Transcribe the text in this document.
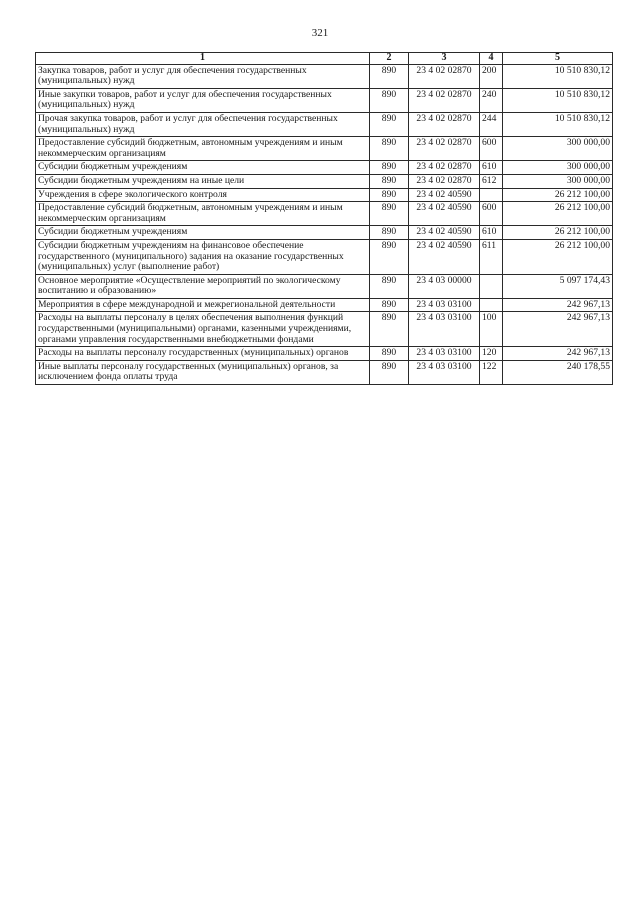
321
1	2	3	4	5
Закупка товаров, работ и услуг для обеспечения государственных (муниципальных) нужд	890	23 4 02 02870	200	10 510 830,12
Иные закупки товаров, работ и услуг для обеспечения государственных (муниципальных) нужд	890	23 4 02 02870	240	10 510 830,12
Прочая закупка товаров, работ и услуг для обеспечения государственных (муниципальных) нужд	890	23 4 02 02870	244	10 510 830,12
Предоставление субсидий бюджетным, автономным учреждениям и иным некоммерческим организациям	890	23 4 02 02870	600	300 000,00
Субсидии бюджетным учреждениям	890	23 4 02 02870	610	300 000,00
Субсидии бюджетным учреждениям на иные цели	890	23 4 02 02870	612	300 000,00
Учреждения в сфере экологического контроля	890	23 4 02 40590		26 212 100,00
Предоставление субсидий бюджетным, автономным учреждениям и иным некоммерческим организациям	890	23 4 02 40590	600	26 212 100,00
Субсидии бюджетным учреждениям	890	23 4 02 40590	610	26 212 100,00
Субсидии бюджетным учреждениям на финансовое обеспечение государственного (муниципального) задания на оказание государственных (муниципальных) услуг (выполнение работ)	890	23 4 02 40590	611	26 212 100,00
Основное мероприятие «Осуществление мероприятий по экологическому воспитанию и образованию»	890	23 4 03 00000		5 097 174,43
Мероприятия в сфере международной и межрегиональной деятельности	890	23 4 03 03100		242 967,13
Расходы на выплаты персоналу в целях обеспечения выполнения функций государственными (муниципальными) органами, казенными учреждениями, органами управления государственными внебюджетными фондами	890	23 4 03 03100	100	242 967,13
Расходы на выплаты персоналу государственных (муниципальных) органов	890	23 4 03 03100	120	242 967,13
Иные выплаты персоналу государственных (муниципальных) органов, за исключением фонда оплаты труда	890	23 4 03 03100	122	240 178,55
